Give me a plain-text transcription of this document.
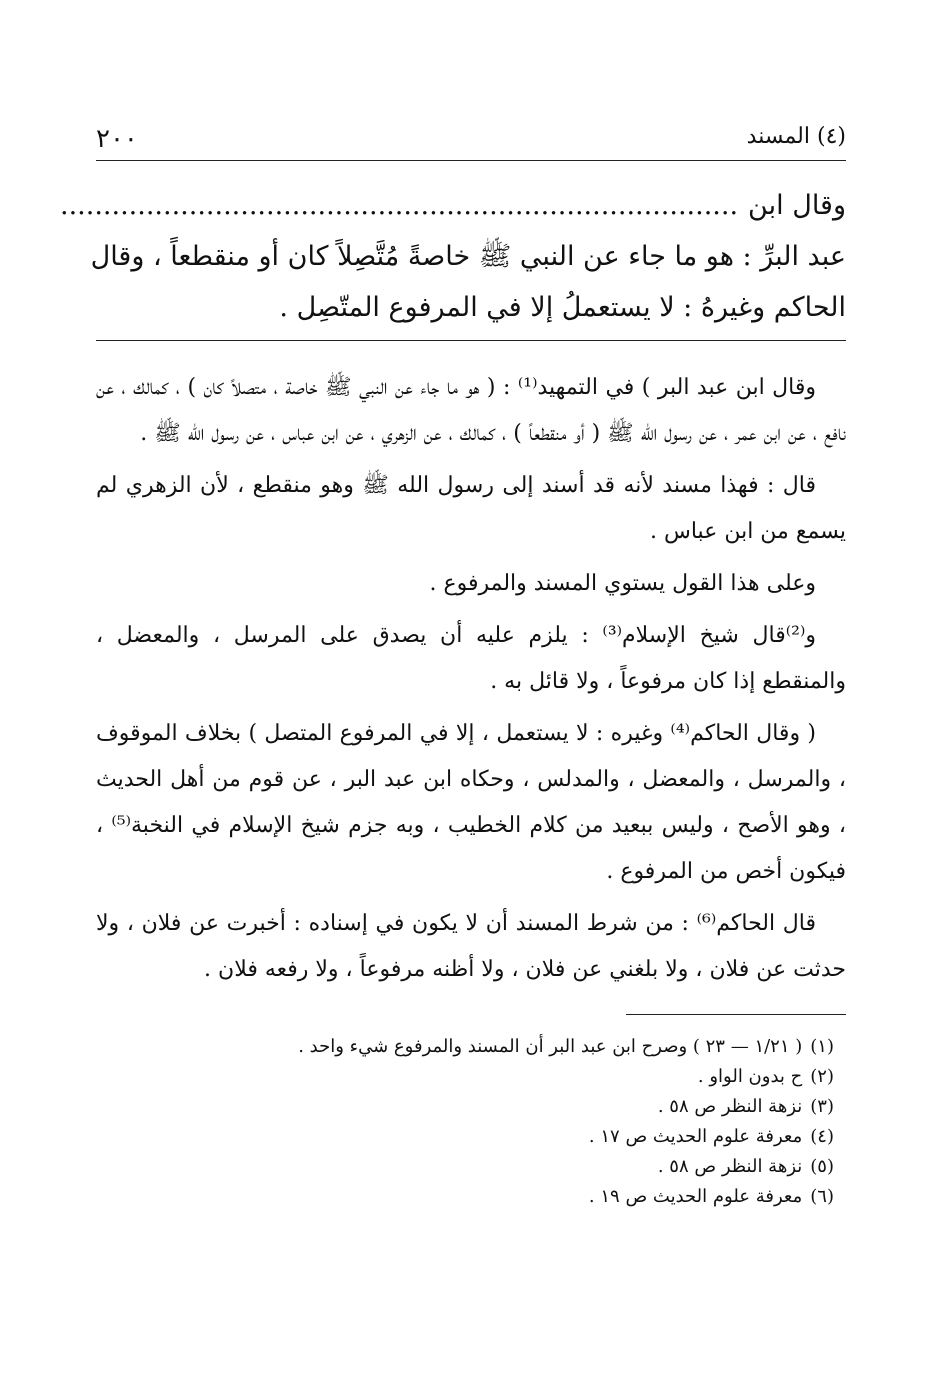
٢٠٠	(٤) المسند
وقال ابن...............................................................................
عبد البرِّ : هو ما جاء عن النبي ﷺ خاصةً مُتَّصِلاً كان أو منقطعاً ، وقال
الحاكم وغيرهُ : لا يستعملُ إلا في المرفوع المتّصِل .

وقال ابن عبد البر ) في التمهيد⁽¹⁾ : ( هو ما جاء عن النبي ﷺ خاصة ، متصلاً كان ) ، كمالك ، عن نافع ، عن ابن عمر ، عن رسول الله ﷺ ( أو منقطعاً ) ، كمالك ، عن الزهري ، عن ابن عباس ، عن رسول الله ﷺ .

قال : فهذا مسند لأنه قد أسند إلى رسول الله ﷺ وهو منقطع ، لأن الزهري لم يسمع من ابن عباس .

وعلى هذا القول يستوي المسند والمرفوع .

و⁽²⁾قال شيخ الإسلام⁽³⁾ : يلزم عليه أن يصدق على المرسل ، والمعضل ، والمنقطع إذا كان مرفوعاً ، ولا قائل به .

( وقال الحاكم⁽⁴⁾ وغيره : لا يستعمل ، إلا في المرفوع المتصل ) بخلاف الموقوف ، والمرسل ، والمعضل ، والمدلس ، وحكاه ابن عبد البر ، عن قوم من أهل الحديث ، وهو الأصح ، وليس ببعيد من كلام الخطيب ، وبه جزم شيخ الإسلام في النخبة⁽⁵⁾ ، فيكون أخص من المرفوع .

قال الحاكم⁽⁶⁾ : من شرط المسند أن لا يكون في إسناده : أخبرت عن فلان ، ولا حدثت عن فلان ، ولا بلغني عن فلان ، ولا أظنه مرفوعاً ، ولا رفعه فلان .

(١)( ١/٢١ — ٢٣ ) وصرح ابن عبد البر أن المسند والمرفوع شيء واحد .
(٢)ح بدون الواو .
(٣)نزهة النظر ص ٥٨ .
(٤)معرفة علوم الحديث ص ١٧ .
(٥)نزهة النظر ص ٥٨ .
(٦)معرفة علوم الحديث ص ١٩ .
